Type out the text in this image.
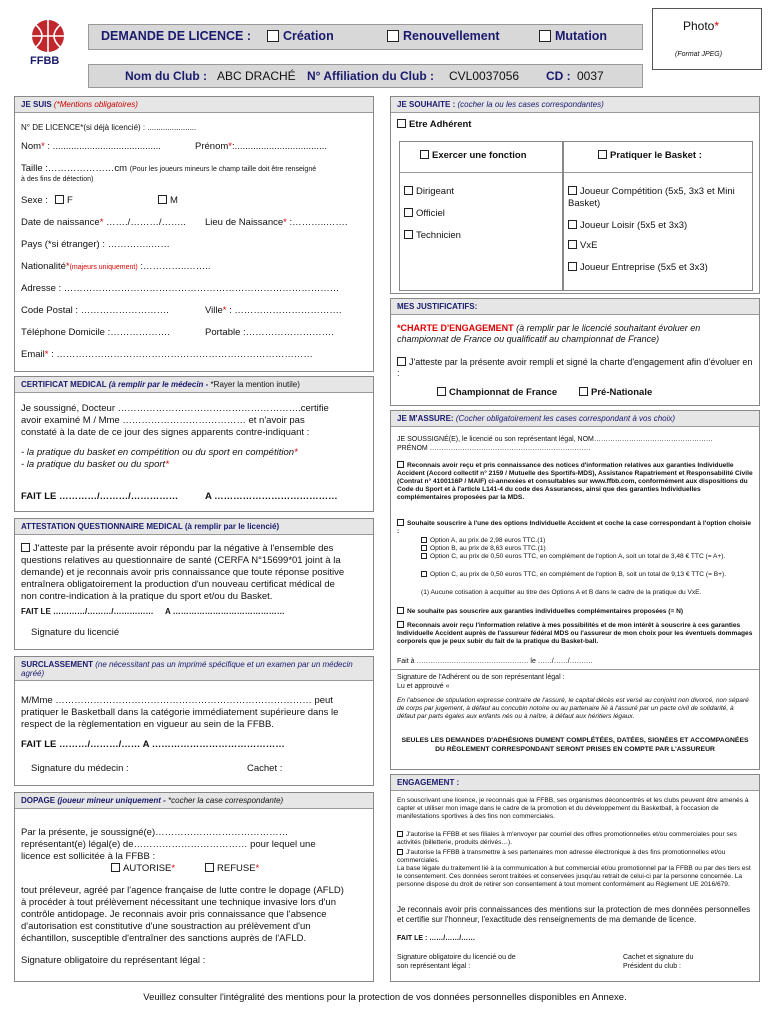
FFBB
DEMANDE DE LICENCE :	Création	Renouvellement	Mutation
Photo*
(Format JPEG)
Nom du Club : ABC DRACHÉ N° Affiliation du Club : CVL0037056 CD : 0037
JE SUIS (*Mentions obligatoires)
N° DE LICENCE*(si déjà licencié) : ......................
Nom* : .........................................	Prénom*:...................................
Taille :…………………cm (Pour les joueurs mineurs le champ taille doit être renseigné
à des fins de détection)
Sexe :	F	M
Date de naissance* ……./………/…….. Lieu de Naissance* :………..…….
Pays (*si étranger) : …………..……
Nationalité*(majeurs uniquement) :…………..……..
Adresse : ……………………………………………………………………………
Code Postal : ……………………….	Ville* : …………………………….
Téléphone Domicile :……………….	Portable :……………………….
Email* : ………………………………………………………………………
CERTIFICAT MEDICAL (à remplir par le médecin - *Rayer la mention inutile)
Je soussigné, Docteur ………………………………………………….certifie
avoir examiné M / Mme ………………………………… et n'avoir pas
constaté à la date de ce jour des signes apparents contre-indiquant :
- la pratique du basket en compétition ou du sport en compétition*
- la pratique du basket ou du sport*
FAIT LE …………/………/……………	A …………………………………
ATTESTATION QUESTIONNAIRE MEDICAL (à remplir par le licencié)
J'atteste par la présente avoir répondu par la négative à l'ensemble des
questions relatives au questionnaire de santé (CERFA N°15699*01 joint à la
demande) et je reconnais avoir pris connaissance que toute réponse positive
entraînera obligatoirement la production d'un nouveau certificat médical de
non contre-indication à la pratique du sport et/ou du Basket.
FAIT LE …………/………/…………… A ……………………………………
Signature du licencié
SURCLASSEMENT (ne nécessitant pas un imprimé spécifique et un examen par un médecin agréé)
M/Mme ……………………………………………………………………… peut
pratiquer le Basketball dans la catégorie immédiatement supérieure dans le
respect de la règlementation en vigueur au sein de la FFBB.
FAIT LE ………/………/…… A ……………………………………
Signature du médecin :	Cachet :
DOPAGE (joueur mineur uniquement - *cocher la case correspondante)
Par la présente, je soussigné(e)……………………………………
représentant(e) légal(e) de……………………………… pour lequel une
licence est sollicitée à la FFBB :
AUTORISE*	REFUSE*
tout préleveur, agréé par l'agence française de lutte contre le dopage (AFLD)
à procéder à tout prélèvement nécessitant une technique invasive lors d'un
contrôle antidopage. Je reconnais avoir pris connaissance que l'absence
d'autorisation est constitutive d'une soustraction au prélèvement d'un
échantillon, susceptible d'entraîner des sanctions auprès de l'AFLD.
Signature obligatoire du représentant légal :
JE SOUHAITE : (cocher la ou les cases correspondantes)
Etre Adhérent
Exercer une fonction
Dirigeant
Officiel
Technicien
Pratiquer le Basket :
Joueur Compétition (5x5, 3x3 et Mini Basket)
Joueur Loisir (5x5 et 3x3)
VxE
Joueur Entreprise (5x5 et 3x3)
MES JUSTIFICATIFS:
*CHARTE D'ENGAGEMENT (à remplir par le licencié souhaitant évoluer en championnat de France ou qualificatif au championnat de France)
J'atteste par la présente avoir rempli et signé la charte d'engagement afin d'évoluer en :
Championnat de France	Pré-Nationale
JE M'ASSURE: (Cocher obligatoirement les cases correspondant à vos choix)
JE SOUSSIGNÉ(E), le licencié ou son représentant légal, NOM……………………………………………
PRÉNOM ……………………………………………………………
Reconnais avoir reçu et pris connaissance des notices d'information relatives aux garanties Individuelle Accident (Accord collectif n° 2159 / Mutuelle des Sportifs-MDS), Assistance Rapatriement et Responsabilité Civile (Contrat n° 4100116P / MAIF) ci-annexées et consultables sur www.ffbb.com, conformément aux dispositions du Code du Sport et à l'article L141-4 du code des Assurances, ainsi que des garanties Individuelles complémentaires proposées par la MDS.
Souhaite souscrire à l'une des options Individuelle Accident et coche la case correspondant à l'option choisie :
Option A, au prix de 2,98 euros TTC.(1)
Option B, au prix de 8,63 euros TTC.(1)
Option C, au prix de 0,50 euros TTC, en complément de l'option A, soit un total de 3,48 € TTC (= A+).
Option C, au prix de 0,50 euros TTC, en complément de l'option B, soit un total de 9,13 € TTC (= B+).
(1) Aucune cotisation à acquitter au titre des Options A et B dans le cadre de la pratique du VxE.
Ne souhaite pas souscrire aux garanties individuelles complémentaires proposées (= N)
Reconnais avoir reçu l'information relative à mes possibilités et de mon intérêt à souscrire à ces garanties Individuelle Accident auprès de l'assureur fédéral MDS ou l'assureur de mon choix pour les éventuels dommages corporels que je peux subir du fait de la pratique du Basket-ball.
Fait à ………………………………………… le ……/……/……….
Signature de l'Adhérent ou de son représentant légal :
Lu et approuvé «
En l'absence de stipulation expresse contraire de l'assuré, le capital décès est versé au conjoint non divorcé, non séparé de corps par jugement, à défaut au concubin notoire ou au partenaire lié à l'assuré par un pacte civil de solidarité, à défaut par parts égales aux enfants nés ou à naître, à défaut aux héritiers légaux.
SEULES LES DEMANDES D'ADHÉSIONS DUMENT COMPLÉTÉES, DATÉES, SIGNÉES ET ACCOMPAGNÉES DU RÈGLEMENT CORRESPONDANT SERONT PRISES EN COMPTE PAR L'ASSUREUR
ENGAGEMENT :
En souscrivant une licence, je reconnais que la FFBB, ses organismes déconcentrés et les clubs peuvent être amenés à capter et utiliser mon image dans le cadre de la promotion et du développement du Basketball, à l'occasion de manifestations sportives à des fins non commerciales.
J'autorise la FFBB et ses filiales à m'envoyer par courriel des offres promotionnelles et/ou commerciales pour ses activités (billetterie, produits dérivés…).
J'autorise la FFBB à transmettre à ses partenaires mon adresse électronique à des fins promotionnelles et/ou commerciales.
La base légale du traitement lié à la communication à but commercial et/ou promotionnel par la FFBB ou par des tiers est le consentement. Ces données seront traitées et conservées jusqu'au retrait de celui-ci par la personne concernée. La personne dispose du droit de retirer son consentement à tout moment conformément au Règlement UE 2016/679.
Je reconnais avoir pris connaissances des mentions sur la protection de mes données personnelles et certifie sur l'honneur, l'exactitude des renseignements de ma demande de licence.
FAIT LE : ……/……/……
Signature obligatoire du licencié ou de son représentant légal :
Cachet et signature du Président du club :
Veuillez consulter l'intégralité des mentions pour la protection de vos données personnelles disponibles en Annexe.
